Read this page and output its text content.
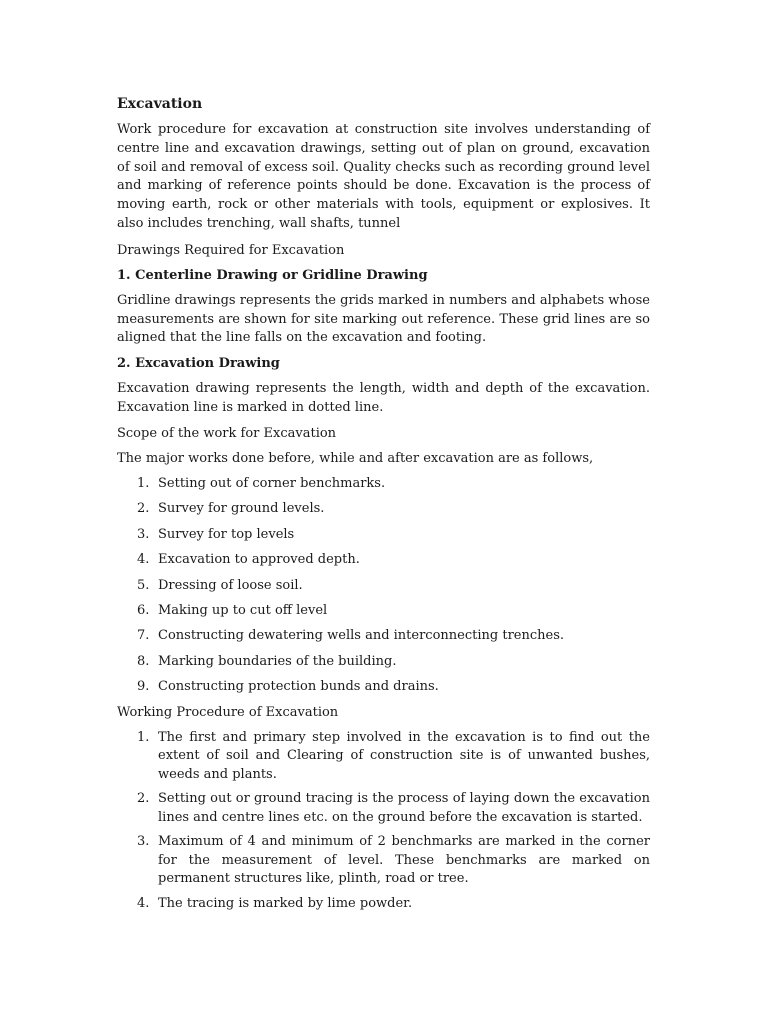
Excavation

Work procedure for excavation at construction site involves understanding of centre line and excavation drawings, setting out of plan on ground, excavation of soil and removal of excess soil. Quality checks such as recording ground level and marking of reference points should be done. Excavation is the process of moving earth, rock or other materials with tools, equipment or explosives. It also includes trenching, wall shafts, tunnel

Drawings Required for Excavation
1. Centerline Drawing or Gridline Drawing

Gridline drawings represents the grids marked in numbers and alphabets whose measurements are shown for site marking out reference. These grid lines are so aligned that the line falls on the excavation and footing.

2. Excavation Drawing

Excavation drawing represents the length, width and depth of the excavation. Excavation line is marked in dotted line.

Scope of the work for Excavation
The major works done before, while and after excavation are as follows,
1. Setting out of corner benchmarks.
2. Survey for ground levels.
3. Survey for top levels
4. Excavation to approved depth.
5. Dressing of loose soil.
6. Making up to cut off level
7. Constructing dewatering wells and interconnecting trenches.
8. Marking boundaries of the building.
9. Constructing protection bunds and drains.
Working Procedure of Excavation
1. The first and primary step involved in the excavation is to find out the extent of soil and Clearing of construction site is of unwanted bushes, weeds and plants.
2. Setting out or ground tracing is the process of laying down the excavation lines and centre lines etc. on the ground before the excavation is started.
3. Maximum of 4 and minimum of 2 benchmarks are marked in the corner for the measurement of level. These benchmarks are marked on permanent structures like, plinth, road or tree.
4. The tracing is marked by lime powder.
